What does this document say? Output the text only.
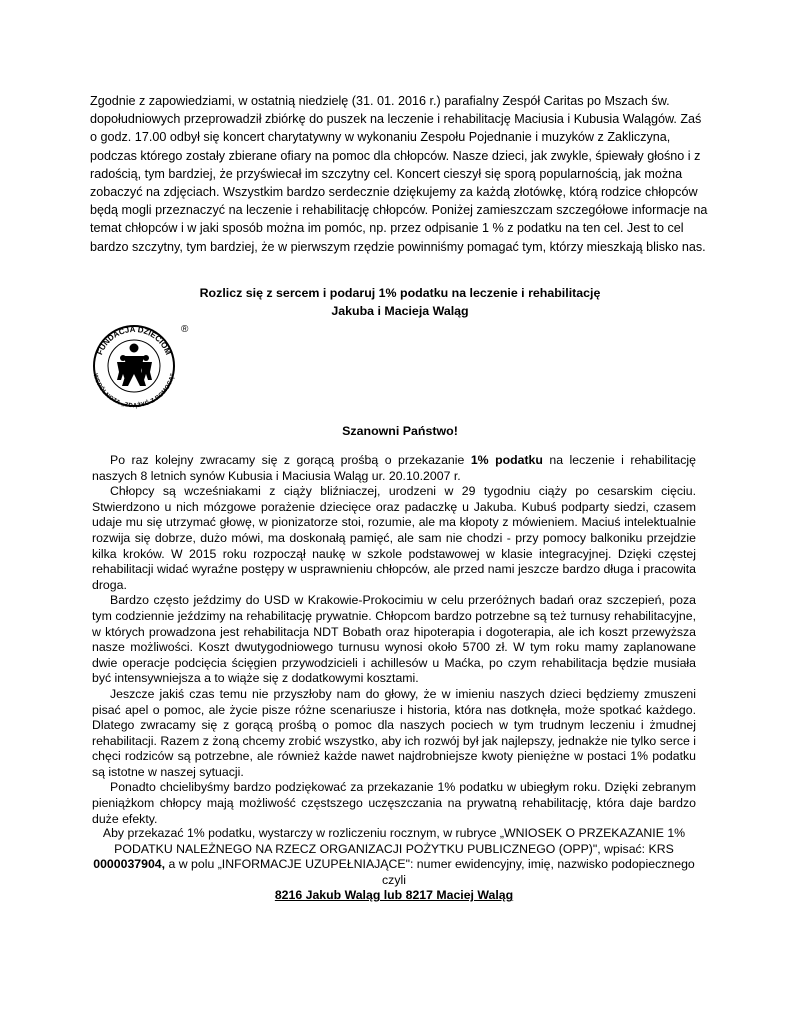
Zgodnie z zapowiedziami, w ostatnią niedzielę (31. 01. 2016 r.) parafialny Zespół Caritas po Mszach św. dopołudniowych przeprowadził zbiórkę do puszek na leczenie i rehabilitację Maciusia i Kubusia Walągów. Zaś o godz. 17.00 odbył się koncert charytatywny w wykonaniu Zespołu Pojednanie i muzyków z Zakliczyna, podczas którego zostały zbierane ofiary na pomoc dla chłopców. Nasze dzieci, jak zwykle, śpiewały głośno i z radością, tym bardziej, że przyświecał im szczytny cel. Koncert cieszył się sporą popularnością, jak można zobaczyć na zdjęciach. Wszystkim bardzo serdecznie dziękujemy za każdą złotówkę, którą rodzice chłopców będą mogli przeznaczyć na leczenie i rehabilitację chłopców. Poniżej zamieszczam szczegółowe informacje na temat chłopców i w jaki sposób można im pomóc, np. przez odpisanie 1 % z podatku na ten cel. Jest to cel bardzo szczytny, tym bardziej, że w pierwszym rzędzie powinniśmy pomagać tym, którzy mieszkają blisko nas.
Rozlicz się z sercem i podaruj 1% podatku na leczenie i rehabilitację
Jakuba i Macieja Waląg
FUNDACJA DZIECIOM
WSPÓLNOTA „ZDĄŻYĆ Z POMOCĄ”
®
Szanowni Państwo!

Po raz kolejny zwracamy się z gorącą prośbą o przekazanie 1% podatku na leczenie i rehabilitację naszych 8 letnich synów Kubusia i Maciusia Waląg ur. 20.10.2007 r.

Chłopcy są wcześniakami z ciąży bliźniaczej, urodzeni w 29 tygodniu ciąży po cesarskim cięciu. Stwierdzono u nich mózgowe porażenie dziecięce oraz padaczkę u Jakuba. Kubuś podparty siedzi, czasem udaje mu się utrzymać głowę, w pionizatorze stoi, rozumie, ale ma kłopoty z mówieniem. Maciuś intelektualnie rozwija się dobrze, dużo mówi, ma doskonałą pamięć, ale sam nie chodzi - przy pomocy balkoniku przejdzie kilka kroków. W 2015 roku rozpoczął naukę w szkole podstawowej w klasie integracyjnej. Dzięki częstej rehabilitacji widać wyraźne postępy w usprawnieniu chłopców, ale przed nami jeszcze bardzo długa i pracowita droga.

Bardzo często jeździmy do USD w Krakowie-Prokocimiu w celu przeróżnych badań oraz szczepień, poza tym codziennie jeździmy na rehabilitację prywatnie. Chłopcom bardzo potrzebne są też turnusy rehabilitacyjne, w których prowadzona jest rehabilitacja NDT Bobath oraz hipoterapia i dogoterapia, ale ich koszt przewyższa nasze możliwości. Koszt dwutygodniowego turnusu wynosi około 5700 zł. W tym roku mamy zaplanowane dwie operacje podcięcia ścięgien przywodzicieli i achillesów u Maćka, po czym rehabilitacja będzie musiała być intensywniejsza a to wiąże się z dodatkowymi kosztami.

Jeszcze jakiś czas temu nie przyszłoby nam do głowy, że w imieniu naszych dzieci będziemy zmuszeni pisać apel o pomoc, ale życie pisze różne scenariusze i historia, która nas dotknęła, może spotkać każdego. Dlatego zwracamy się z gorącą prośbą o pomoc dla naszych pociech w tym trudnym leczeniu i żmudnej rehabilitacji. Razem z żoną chcemy zrobić wszystko, aby ich rozwój był jak najlepszy, jednakże nie tylko serce i chęci rodziców są potrzebne, ale również każde nawet najdrobniejsze kwoty pieniężne w postaci 1% podatku są istotne w naszej sytuacji.

Ponadto chcielibyśmy bardzo podziękować za przekazanie 1% podatku w ubiegłym roku. Dzięki zebranym pieniążkom chłopcy mają możliwość częstszego uczęszczania na prywatną rehabilitację, która daje bardzo duże efekty.

Aby przekazać 1% podatku, wystarczy w rozliczeniu rocznym, w rubryce „WNIOSEK O PRZEKAZANIE 1% PODATKU NALEŻNEGO NA RZECZ ORGANIZACJI POŻYTKU PUBLICZNEGO (OPP)", wpisać: KRS 0000037904, a w polu „INFORMACJE UZUPEŁNIAJĄCE": numer ewidencyjny, imię, nazwisko podopiecznego czyli
8216 Jakub Waląg lub 8217 Maciej Waląg
